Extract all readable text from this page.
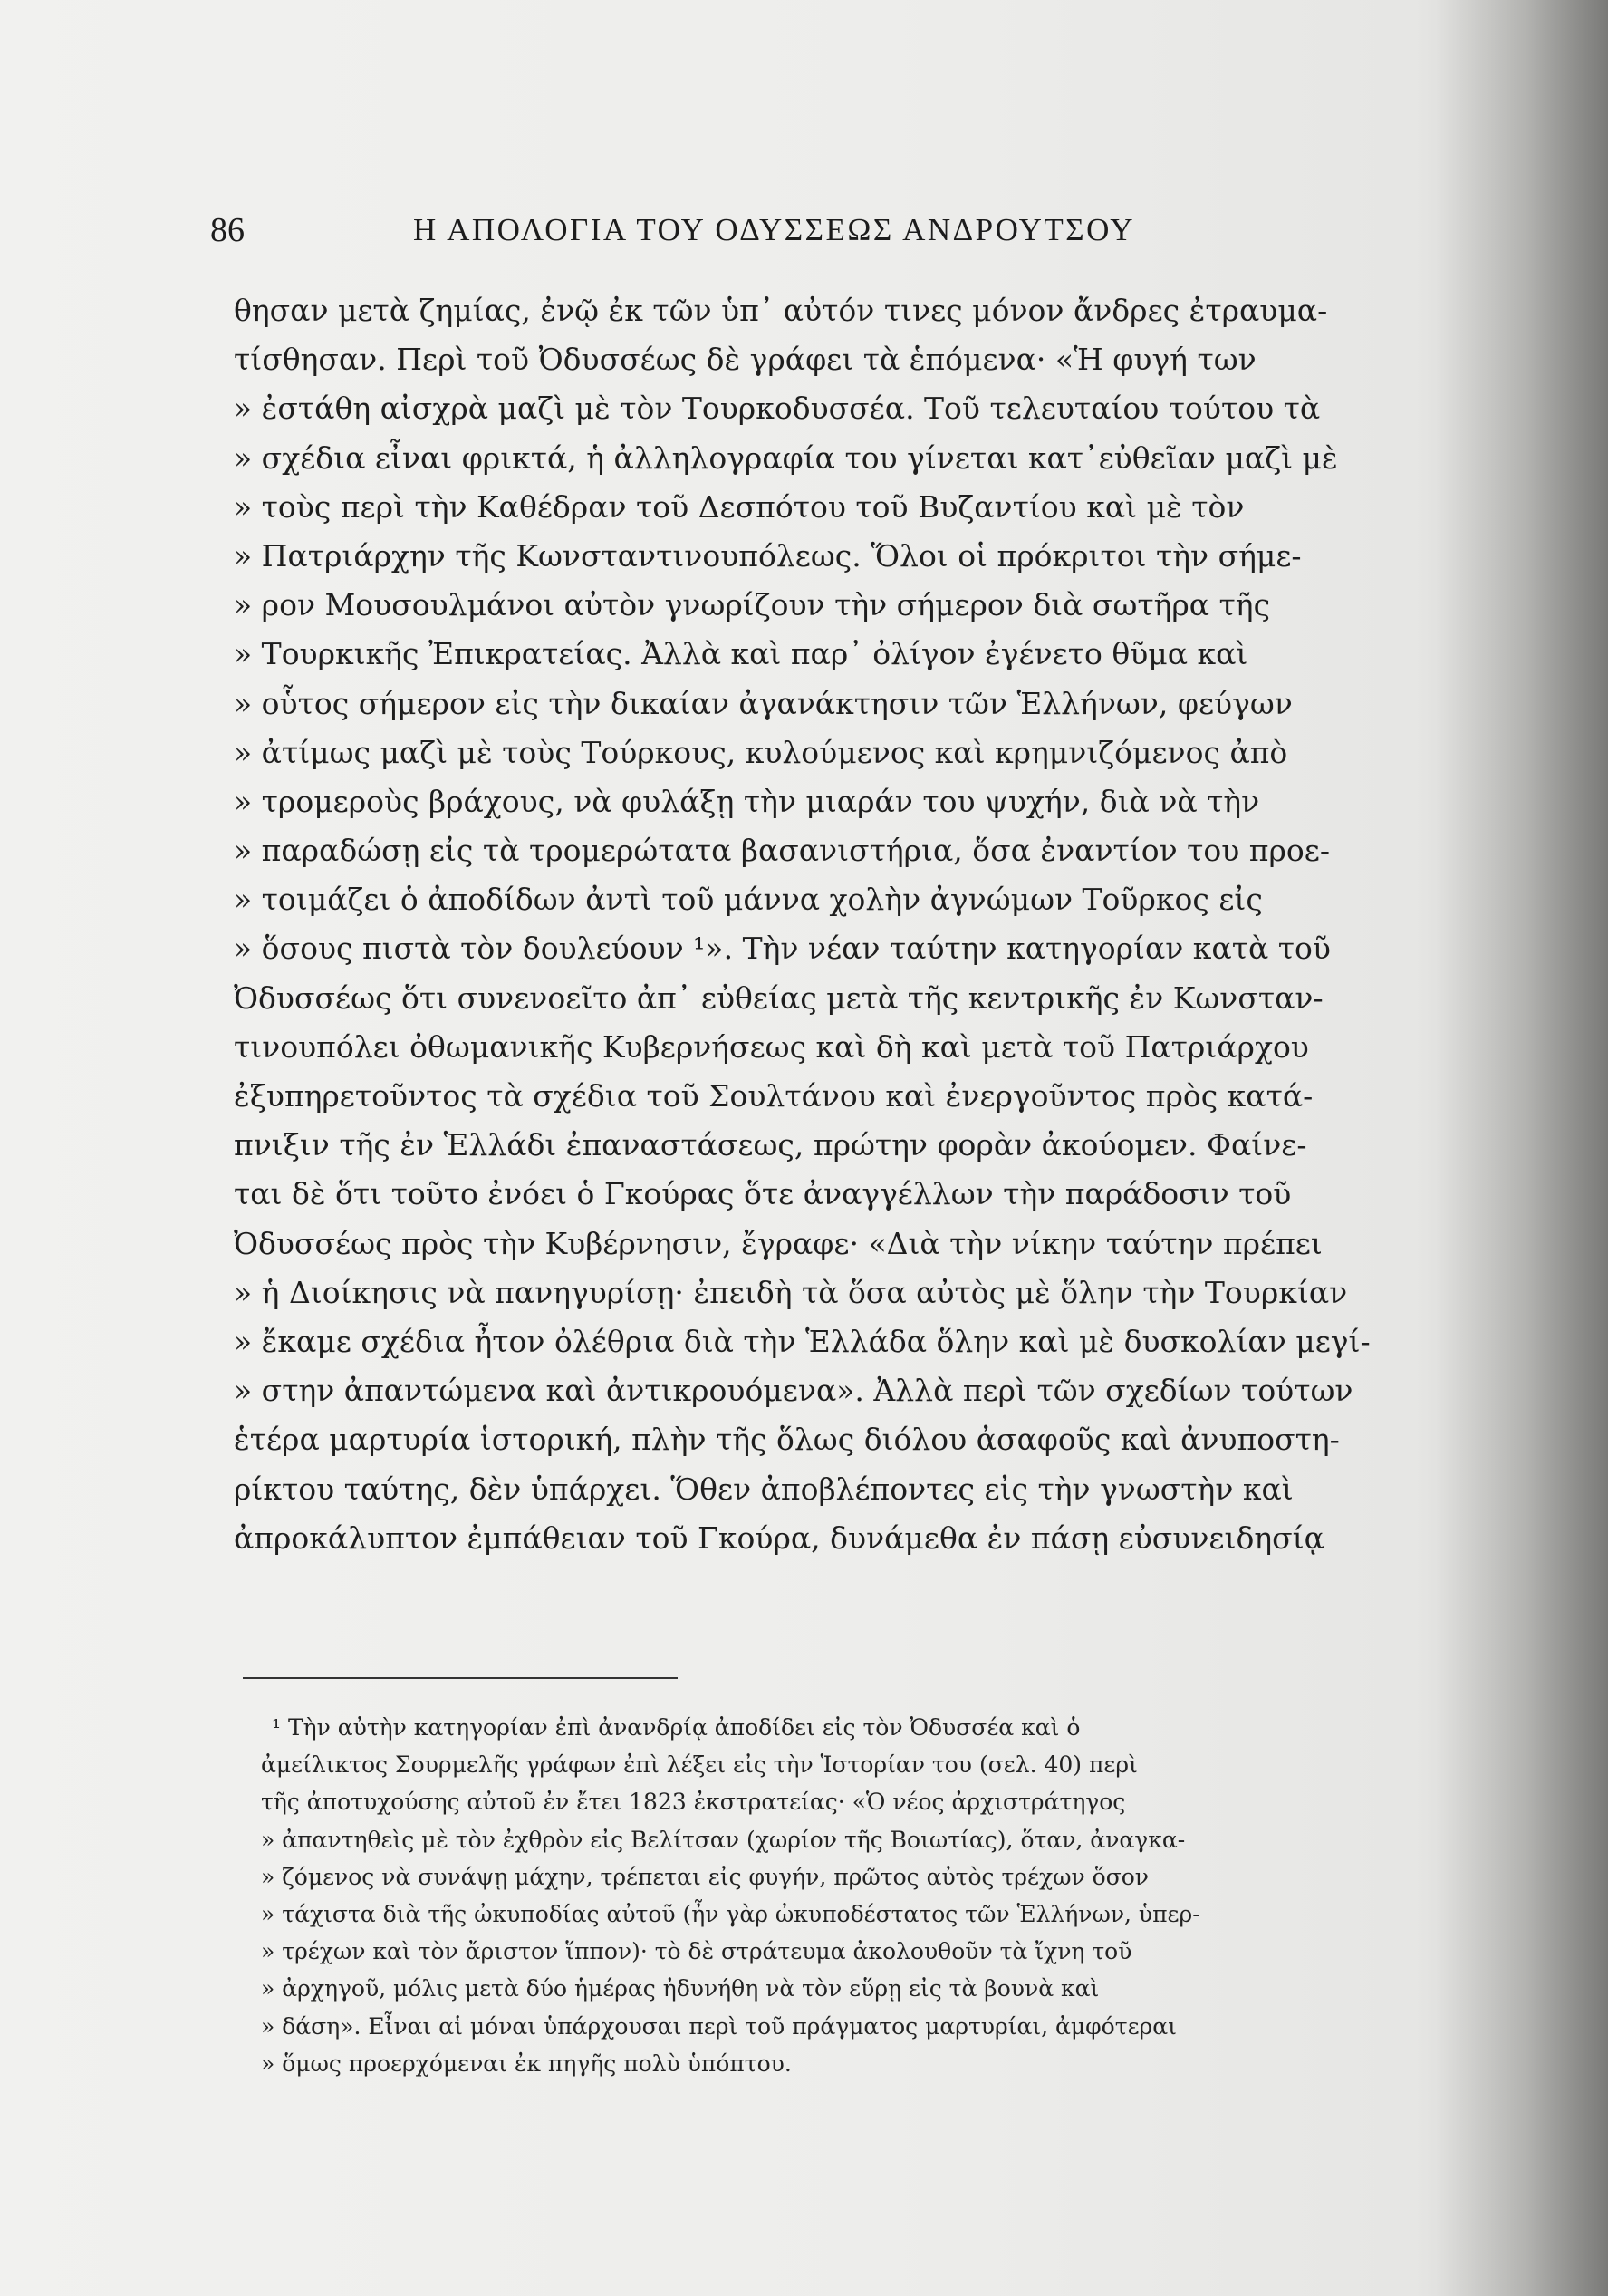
86	Η ΑΠΟΛΟΓΙΑ ΤΟΥ ΟΔΥΣΣΕΩΣ ΑΝΔΡΟΥΤΣΟΥ
θησαν μετὰ ζημίας, ἐνῷ ἐκ τῶν ὑπ᾽ αὐτόν τινες μόνον ἄνδρες ἐτραυμα-
τίσθησαν. Περὶ τοῦ Ὀδυσσέως δὲ γράφει τὰ ἑπόμενα· «Ἡ φυγή των
» ἐστάθη αἰσχρὰ μαζὶ μὲ τὸν Τουρκοδυσσέα. Τοῦ τελευταίου τούτου τὰ
» σχέδια εἶναι φρικτά, ἡ ἀλληλογραφία του γίνεται κατ᾽εὐθεῖαν μαζὶ μὲ
» τοὺς περὶ τὴν Καθέδραν τοῦ Δεσπότου τοῦ Βυζαντίου καὶ μὲ τὸν
» Πατριάρχην τῆς Κωνσταντινουπόλεως. Ὅλοι οἱ πρόκριτοι τὴν σήμε-
» ρον Μουσουλμάνοι αὐτὸν γνωρίζουν τὴν σήμερον διὰ σωτῆρα τῆς
» Τουρκικῆς Ἐπικρατείας. Ἀλλὰ καὶ παρ᾽ ὀλίγον ἐγένετο θῦμα καὶ
» οὗτος σήμερον εἰς τὴν δικαίαν ἀγανάκτησιν τῶν Ἑλλήνων, φεύγων
» ἀτίμως μαζὶ μὲ τοὺς Τούρκους, κυλούμενος καὶ κρημνιζόμενος ἀπὸ
» τρομεροὺς βράχους, νὰ φυλάξῃ τὴν μιαράν του ψυχήν, διὰ νὰ τὴν
» παραδώσῃ εἰς τὰ τρομερώτατα βασανιστήρια, ὅσα ἐναντίον του προε-
» τοιμάζει ὁ ἀποδίδων ἀντὶ τοῦ μάννα χολὴν ἀγνώμων Τοῦρκος εἰς
» ὅσους πιστὰ τὸν δουλεύουν ¹». Τὴν νέαν ταύτην κατηγορίαν κατὰ τοῦ
Ὀδυσσέως ὅτι συνενοεῖτο ἀπ᾽ εὐθείας μετὰ τῆς κεντρικῆς ἐν Κωνσταν-
τινουπόλει ὀθωμανικῆς Κυβερνήσεως καὶ δὴ καὶ μετὰ τοῦ Πατριάρχου
ἐξυπηρετοῦντος τὰ σχέδια τοῦ Σουλτάνου καὶ ἐνεργοῦντος πρὸς κατά-
πνιξιν τῆς ἐν Ἑλλάδι ἐπαναστάσεως, πρώτην φορὰν ἀκούομεν. Φαίνε-
ται δὲ ὅτι τοῦτο ἐνόει ὁ Γκούρας ὅτε ἀναγγέλλων τὴν παράδοσιν τοῦ
Ὀδυσσέως πρὸς τὴν Κυβέρνησιν, ἔγραφε· «Διὰ τὴν νίκην ταύτην πρέπει
» ἡ Διοίκησις νὰ πανηγυρίσῃ· ἐπειδὴ τὰ ὅσα αὐτὸς μὲ ὅλην τὴν Τουρκίαν
» ἔκαμε σχέδια ἦτον ὀλέθρια διὰ τὴν Ἑλλάδα ὅλην καὶ μὲ δυσκολίαν μεγί-
» στην ἀπαντώμενα καὶ ἀντικρουόμενα». Ἀλλὰ περὶ τῶν σχεδίων τούτων
ἑτέρα μαρτυρία ἱστορική, πλὴν τῆς ὅλως διόλου ἀσαφοῦς καὶ ἀνυποστη-
ρίκτου ταύτης, δὲν ὑπάρχει. Ὅθεν ἀποβλέποντες εἰς τὴν γνωστὴν καὶ
ἀπροκάλυπτον ἐμπάθειαν τοῦ Γκούρα, δυνάμεθα ἐν πάσῃ εὐσυνειδησίᾳ
¹ Τὴν αὐτὴν κατηγορίαν ἐπὶ ἀνανδρίᾳ ἀποδίδει εἰς τὸν Ὀδυσσέα καὶ ὁ
ἀμείλικτος Σουρμελῆς γράφων ἐπὶ λέξει εἰς τὴν Ἱστορίαν του (σελ. 40) περὶ
τῆς ἀποτυχούσης αὐτοῦ ἐν ἔτει 1823 ἐκστρατείας· «Ὁ νέος ἀρχιστράτηγος
» ἀπαντηθεὶς μὲ τὸν ἐχθρὸν εἰς Βελίτσαν (χωρίον τῆς Βοιωτίας), ὅταν, ἀναγκα-
» ζόμενος νὰ συνάψῃ μάχην, τρέπεται εἰς φυγήν, πρῶτος αὐτὸς τρέχων ὅσον
» τάχιστα διὰ τῆς ὠκυποδίας αὐτοῦ (ἦν γὰρ ὠκυποδέστατος τῶν Ἑλλήνων, ὑπερ-
» τρέχων καὶ τὸν ἄριστον ἵππον)· τὸ δὲ στράτευμα ἀκολουθοῦν τὰ ἴχνη τοῦ
» ἀρχηγοῦ, μόλις μετὰ δύο ἡμέρας ἠδυνήθη νὰ τὸν εὕρῃ εἰς τὰ βουνὰ καὶ
» δάση». Εἶναι αἱ μόναι ὑπάρχουσαι περὶ τοῦ πράγματος μαρτυρίαι, ἀμφότεραι
» ὅμως προερχόμεναι ἐκ πηγῆς πολὺ ὑπόπτου.
